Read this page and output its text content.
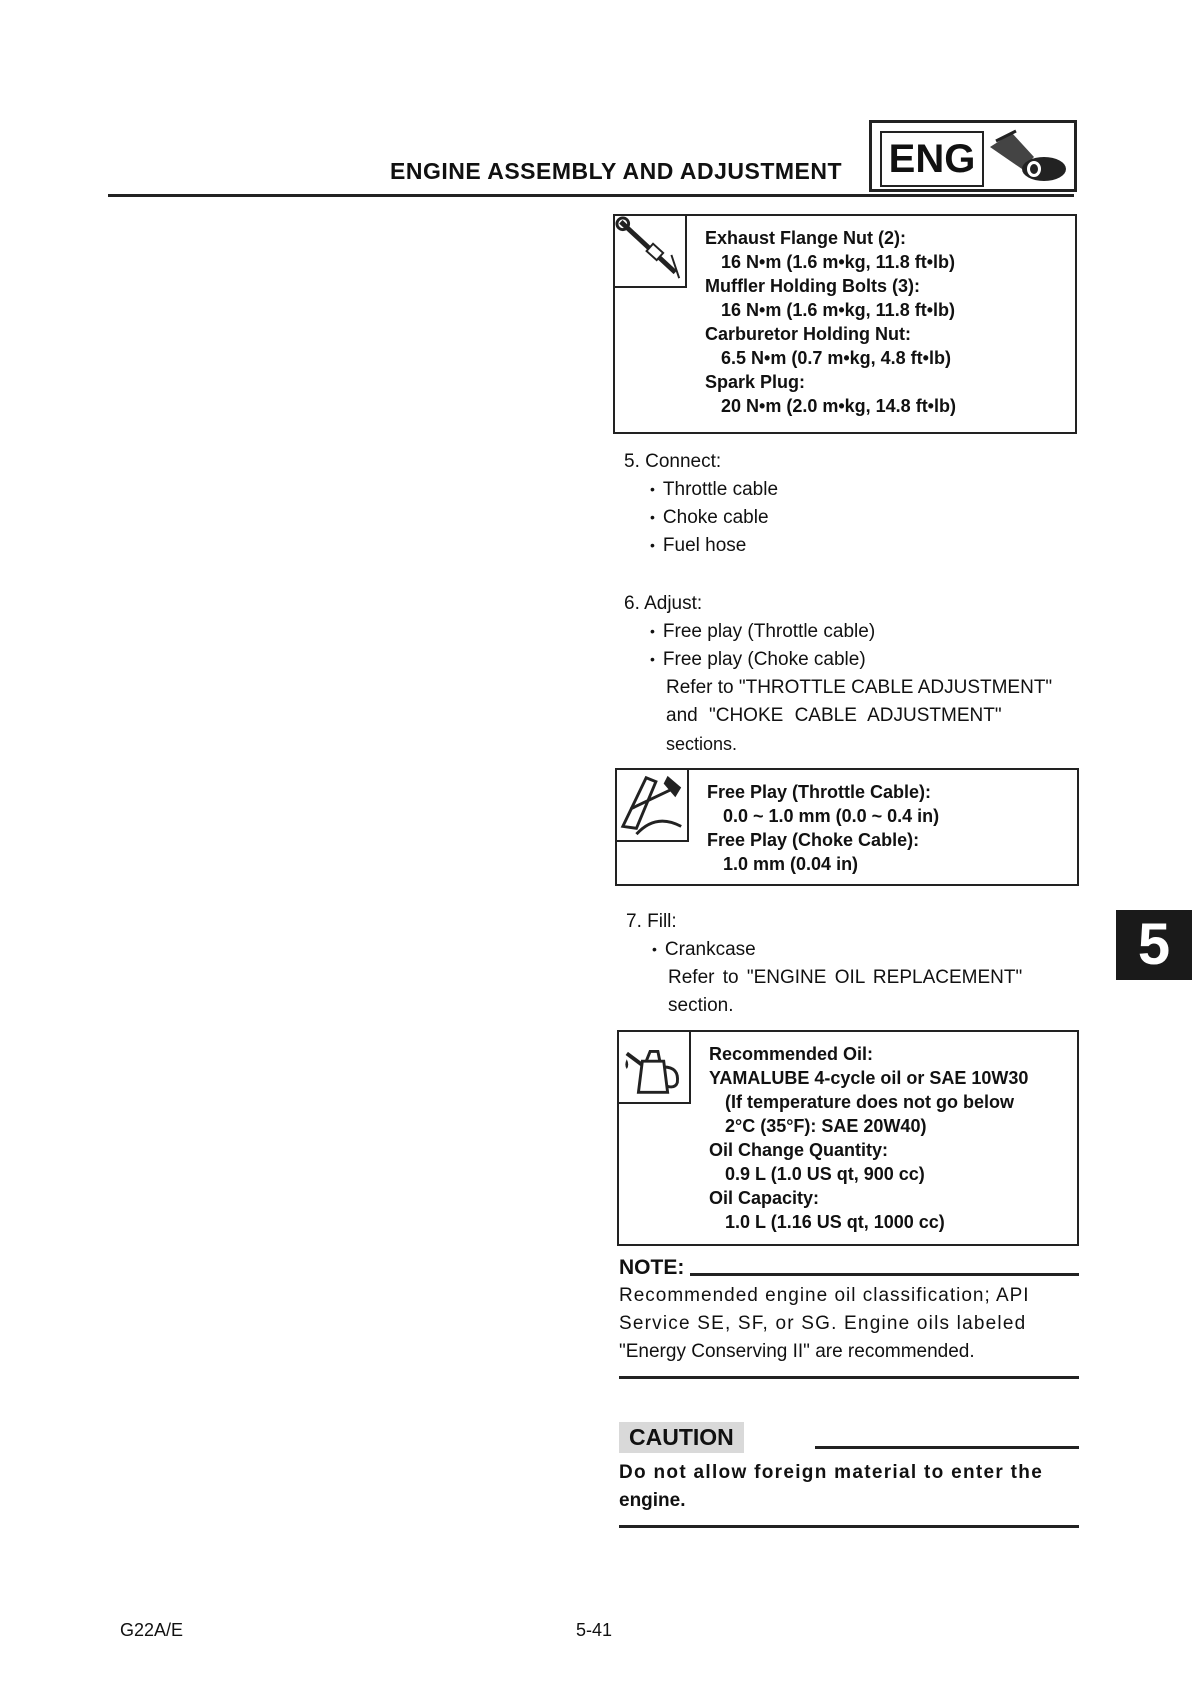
ENGINE ASSEMBLY AND ADJUSTMENT ENG
Exhaust Flange Nut (2):
16 N•m (1.6 m•kg, 11.8 ft•lb)
Muffler Holding Bolts (3):
16 N•m (1.6 m•kg, 11.8 ft•lb)
Carburetor Holding Nut:
6.5 N•m (0.7 m•kg, 4.8 ft•lb)
Spark Plug:
20 N•m (2.0 m•kg, 14.8 ft•lb)
5. Connect:
• Throttle cable
• Choke cable
• Fuel hose
6. Adjust:
• Free play (Throttle cable)
• Free play (Choke cable)
Refer to "THROTTLE CABLE ADJUSTMENT"
and "CHOKE CABLE ADJUSTMENT"
sections.
Free Play (Throttle Cable):
0.0 ~ 1.0 mm (0.0 ~ 0.4 in)
Free Play (Choke Cable):
1.0 mm (0.04 in)
7. Fill:
• Crankcase
Refer to "ENGINE OIL REPLACEMENT"
section.
Recommended Oil:
YAMALUBE 4-cycle oil or SAE 10W30
(If temperature does not go below
2°C (35°F): SAE 20W40)
Oil Change Quantity:
0.9 L (1.0 US qt, 900 cc)
Oil Capacity:
1.0 L (1.16 US qt, 1000 cc)
NOTE:
Recommended engine oil classification; API
Service SE, SF, or SG. Engine oils labeled
"Energy Conserving II" are recommended.
CAUTION
Do not allow foreign material to enter the
engine.
5
G22A/E	5-41
